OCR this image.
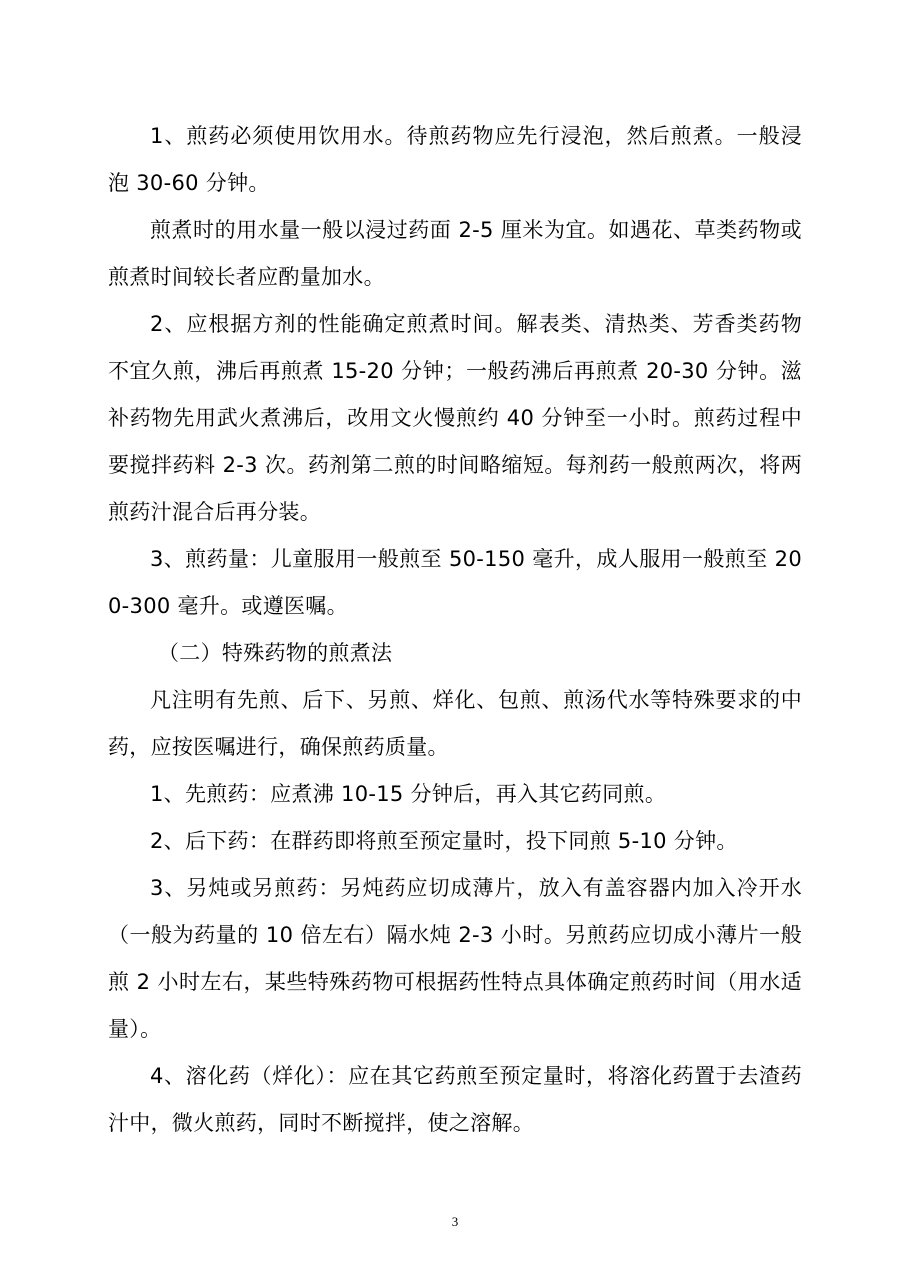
1、煎药必须使用饮用水。待煎药物应先行浸泡，然后煎煮。一般浸泡 30-60 分钟。

煎煮时的用水量一般以浸过药面 2-5 厘米为宜。如遇花、草类药物或煎煮时间较长者应酌量加水。

2、应根据方剂的性能确定煎煮时间。解表类、清热类、芳香类药物不宜久煎，沸后再煎煮 15-20 分钟；一般药沸后再煎煮 20-30 分钟。滋补药物先用武火煮沸后，改用文火慢煎约 40 分钟至一小时。煎药过程中要搅拌药料 2-3 次。药剂第二煎的时间略缩短。每剂药一般煎两次，将两煎药汁混合后再分装。

3、煎药量：儿童服用一般煎至 50-150 毫升，成人服用一般煎至 200-300 毫升。或遵医嘱。

（二）特殊药物的煎煮法

凡注明有先煎、后下、另煎、烊化、包煎、煎汤代水等特殊要求的中药，应按医嘱进行，确保煎药质量。

1、先煎药：应煮沸 10-15 分钟后，再入其它药同煎。

2、后下药：在群药即将煎至预定量时，投下同煎 5-10 分钟。

3、另炖或另煎药：另炖药应切成薄片，放入有盖容器内加入冷开水（一般为药量的 10 倍左右）隔水炖 2-3 小时。另煎药应切成小薄片一般煎 2 小时左右，某些特殊药物可根据药性特点具体确定煎药时间（用水适量）。

4、溶化药（烊化）：应在其它药煎至预定量时，将溶化药置于去渣药汁中，微火煎药，同时不断搅拌，使之溶解。

3
